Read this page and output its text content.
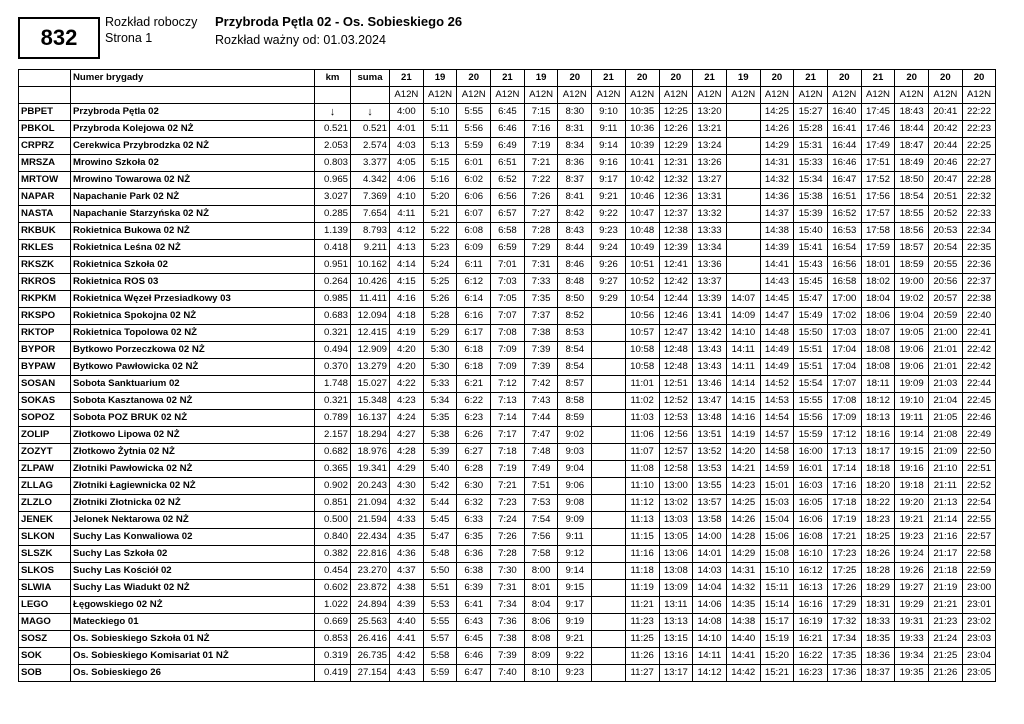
832
Rozkład roboczy
Strona 1
Przybroda Pętla 02 - Os. Sobieskiego 26
Rozkład ważny od: 01.03.2024
	Numer brygady	km	suma	21	19	20	21	19	20	21	20	20	21	19	20	21	20	21	20	20	20
				A12N	A12N	A12N	A12N	A12N	A12N	A12N	A12N	A12N	A12N	A12N	A12N	A12N	A12N	A12N	A12N	A12N	A12N
PBPET	Przybroda Pętla 02	↓	↓	4:00	5:10	5:55	6:45	7:15	8:30	9:10	10:35	12:25	13:20		14:25	15:27	16:40	17:45	18:43	20:41	22:22
PBKOL	Przybroda Kolejowa 02 NŻ	0.521	0.521	4:01	5:11	5:56	6:46	7:16	8:31	9:11	10:36	12:26	13:21		14:26	15:28	16:41	17:46	18:44	20:42	22:23
CRPRZ	Cerekwica Przybrodzka 02 NŻ	2.053	2.574	4:03	5:13	5:59	6:49	7:19	8:34	9:14	10:39	12:29	13:24		14:29	15:31	16:44	17:49	18:47	20:44	22:25
MRSZA	Mrowino Szkoła 02	0.803	3.377	4:05	5:15	6:01	6:51	7:21	8:36	9:16	10:41	12:31	13:26		14:31	15:33	16:46	17:51	18:49	20:46	22:27
MRTOW	Mrowino Towarowa 02 NŻ	0.965	4.342	4:06	5:16	6:02	6:52	7:22	8:37	9:17	10:42	12:32	13:27		14:32	15:34	16:47	17:52	18:50	20:47	22:28
NAPAR	Napachanie Park 02 NŻ	3.027	7.369	4:10	5:20	6:06	6:56	7:26	8:41	9:21	10:46	12:36	13:31		14:36	15:38	16:51	17:56	18:54	20:51	22:32
NASTA	Napachanie Starzyńska 02 NŻ	0.285	7.654	4:11	5:21	6:07	6:57	7:27	8:42	9:22	10:47	12:37	13:32		14:37	15:39	16:52	17:57	18:55	20:52	22:33
RKBUK	Rokietnica Bukowa 02 NŻ	1.139	8.793	4:12	5:22	6:08	6:58	7:28	8:43	9:23	10:48	12:38	13:33		14:38	15:40	16:53	17:58	18:56	20:53	22:34
RKLES	Rokietnica Leśna 02 NŻ	0.418	9.211	4:13	5:23	6:09	6:59	7:29	8:44	9:24	10:49	12:39	13:34		14:39	15:41	16:54	17:59	18:57	20:54	22:35
RKSZK	Rokietnica Szkoła 02	0.951	10.162	4:14	5:24	6:11	7:01	7:31	8:46	9:26	10:51	12:41	13:36		14:41	15:43	16:56	18:01	18:59	20:55	22:36
RKROS	Rokietnica ROS 03	0.264	10.426	4:15	5:25	6:12	7:03	7:33	8:48	9:27	10:52	12:42	13:37		14:43	15:45	16:58	18:02	19:00	20:56	22:37
RKPKM	Rokietnica Węzeł Przesiadkowy 03	0.985	11.411	4:16	5:26	6:14	7:05	7:35	8:50	9:29	10:54	12:44	13:39	14:07	14:45	15:47	17:00	18:04	19:02	20:57	22:38
RKSPO	Rokietnica Spokojna 02 NŻ	0.683	12.094	4:18	5:28	6:16	7:07	7:37	8:52		10:56	12:46	13:41	14:09	14:47	15:49	17:02	18:06	19:04	20:59	22:40
RKTOP	Rokietnica Topolowa 02 NŻ	0.321	12.415	4:19	5:29	6:17	7:08	7:38	8:53		10:57	12:47	13:42	14:10	14:48	15:50	17:03	18:07	19:05	21:00	22:41
BYPOR	Bytkowo Porzeczkowa 02 NŻ	0.494	12.909	4:20	5:30	6:18	7:09	7:39	8:54		10:58	12:48	13:43	14:11	14:49	15:51	17:04	18:08	19:06	21:01	22:42
BYPAW	Bytkowo Pawłowicka 02 NŻ	0.370	13.279	4:20	5:30	6:18	7:09	7:39	8:54		10:58	12:48	13:43	14:11	14:49	15:51	17:04	18:08	19:06	21:01	22:42
SOSAN	Sobota Sanktuarium 02	1.748	15.027	4:22	5:33	6:21	7:12	7:42	8:57		11:01	12:51	13:46	14:14	14:52	15:54	17:07	18:11	19:09	21:03	22:44
SOKAS	Sobota Kasztanowa 02 NŻ	0.321	15.348	4:23	5:34	6:22	7:13	7:43	8:58		11:02	12:52	13:47	14:15	14:53	15:55	17:08	18:12	19:10	21:04	22:45
SOPOZ	Sobota POZ BRUK 02 NŻ	0.789	16.137	4:24	5:35	6:23	7:14	7:44	8:59		11:03	12:53	13:48	14:16	14:54	15:56	17:09	18:13	19:11	21:05	22:46
ZOLIP	Złotkowo Lipowa 02 NŻ	2.157	18.294	4:27	5:38	6:26	7:17	7:47	9:02		11:06	12:56	13:51	14:19	14:57	15:59	17:12	18:16	19:14	21:08	22:49
ZOZYT	Złotkowo Żytnia 02 NŻ	0.682	18.976	4:28	5:39	6:27	7:18	7:48	9:03		11:07	12:57	13:52	14:20	14:58	16:00	17:13	18:17	19:15	21:09	22:50
ZLPAW	Złotniki Pawłowicka 02 NŻ	0.365	19.341	4:29	5:40	6:28	7:19	7:49	9:04		11:08	12:58	13:53	14:21	14:59	16:01	17:14	18:18	19:16	21:10	22:51
ZLLAG	Złotniki Łagiewnicka 02 NŻ	0.902	20.243	4:30	5:42	6:30	7:21	7:51	9:06		11:10	13:00	13:55	14:23	15:01	16:03	17:16	18:20	19:18	21:11	22:52
ZLZLO	Złotniki Złotnicka 02 NŻ	0.851	21.094	4:32	5:44	6:32	7:23	7:53	9:08		11:12	13:02	13:57	14:25	15:03	16:05	17:18	18:22	19:20	21:13	22:54
JENEK	Jelonek Nektarowa 02 NŻ	0.500	21.594	4:33	5:45	6:33	7:24	7:54	9:09		11:13	13:03	13:58	14:26	15:04	16:06	17:19	18:23	19:21	21:14	22:55
SLKON	Suchy Las Konwaliowa 02	0.840	22.434	4:35	5:47	6:35	7:26	7:56	9:11		11:15	13:05	14:00	14:28	15:06	16:08	17:21	18:25	19:23	21:16	22:57
SLSZK	Suchy Las Szkoła 02	0.382	22.816	4:36	5:48	6:36	7:28	7:58	9:12		11:16	13:06	14:01	14:29	15:08	16:10	17:23	18:26	19:24	21:17	22:58
SLKOS	Suchy Las Kościół 02	0.454	23.270	4:37	5:50	6:38	7:30	8:00	9:14		11:18	13:08	14:03	14:31	15:10	16:12	17:25	18:28	19:26	21:18	22:59
SLWIA	Suchy Las Wiadukt 02 NŻ	0.602	23.872	4:38	5:51	6:39	7:31	8:01	9:15		11:19	13:09	14:04	14:32	15:11	16:13	17:26	18:29	19:27	21:19	23:00
LEGO	Łęgowskiego 02 NŻ	1.022	24.894	4:39	5:53	6:41	7:34	8:04	9:17		11:21	13:11	14:06	14:35	15:14	16:16	17:29	18:31	19:29	21:21	23:01
MAGO	Mateckiego 01	0.669	25.563	4:40	5:55	6:43	7:36	8:06	9:19		11:23	13:13	14:08	14:38	15:17	16:19	17:32	18:33	19:31	21:23	23:02
SOSZ	Os. Sobieskiego Szkoła 01 NŻ	0.853	26.416	4:41	5:57	6:45	7:38	8:08	9:21		11:25	13:15	14:10	14:40	15:19	16:21	17:34	18:35	19:33	21:24	23:03
SOK	Os. Sobieskiego Komisariat 01 NŻ	0.319	26.735	4:42	5:58	6:46	7:39	8:09	9:22		11:26	13:16	14:11	14:41	15:20	16:22	17:35	18:36	19:34	21:25	23:04
SOB	Os. Sobieskiego 26	0.419	27.154	4:43	5:59	6:47	7:40	8:10	9:23		11:27	13:17	14:12	14:42	15:21	16:23	17:36	18:37	19:35	21:26	23:05
